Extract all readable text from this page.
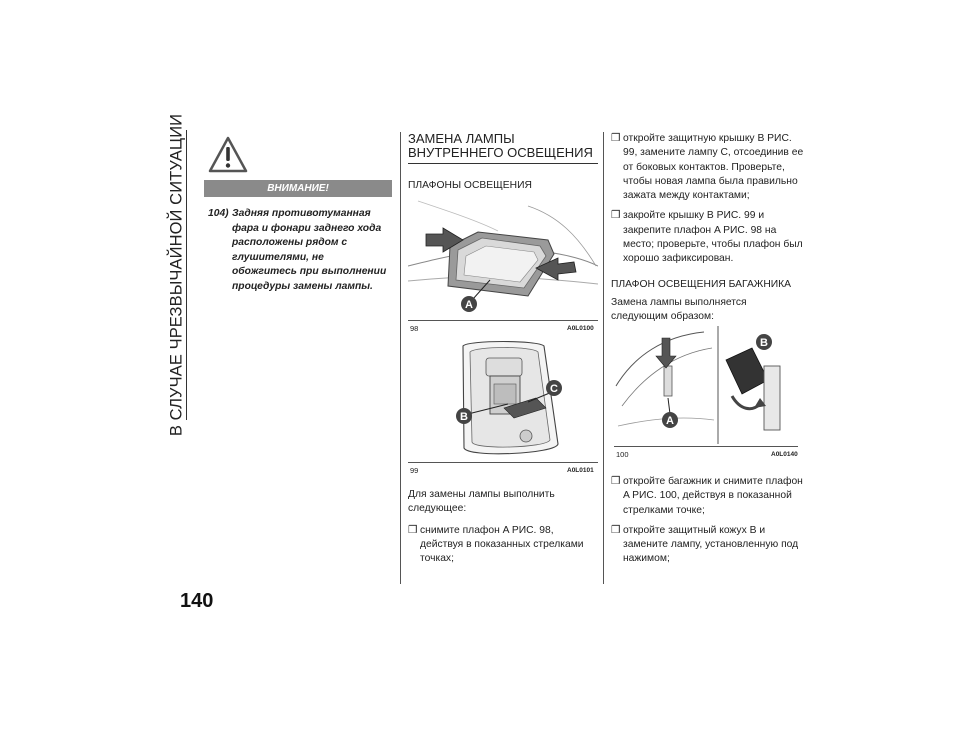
В СЛУЧАЕ ЧРЕЗВЫЧАЙНОЙ СИТУАЦИИ
140
ВНИМАНИЕ!
104) Задняя противотуманная фара и фонари заднего хода расположены рядом с глушителями, не обожгитесь при выполнении процедуры замены лампы.
ЗАМЕНА ЛАМПЫ ВНУТРЕННЕГО ОСВЕЩЕНИЯ
ПЛАФОНЫ ОСВЕЩЕНИЯ
A
98	A0L0100
B
C
99	A0L0101
Для замены лампы выполнить следующее:
❒ снимите плафон A РИС. 98, действуя в показанных стрелками точках;
❒ откройте защитную крышку B РИС. 99, замените лампу C, отсоединив ее от боковых контактов. Проверьте, чтобы новая лампа была правильно зажата между контактами;
❒ закройте крышку B РИС. 99 и закрепите плафон A РИС. 98 на место; проверьте, чтобы плафон был хорошо зафиксирован.
ПЛАФОН ОСВЕЩЕНИЯ БАГАЖНИКА
Замена лампы выполняется следующим образом:
A
B
100	A0L0140
❒ откройте багажник и снимите плафон A РИС. 100, действуя в показанной стрелками точке;
❒ откройте защитный кожух B и замените лампу, установленную под нажимом;
